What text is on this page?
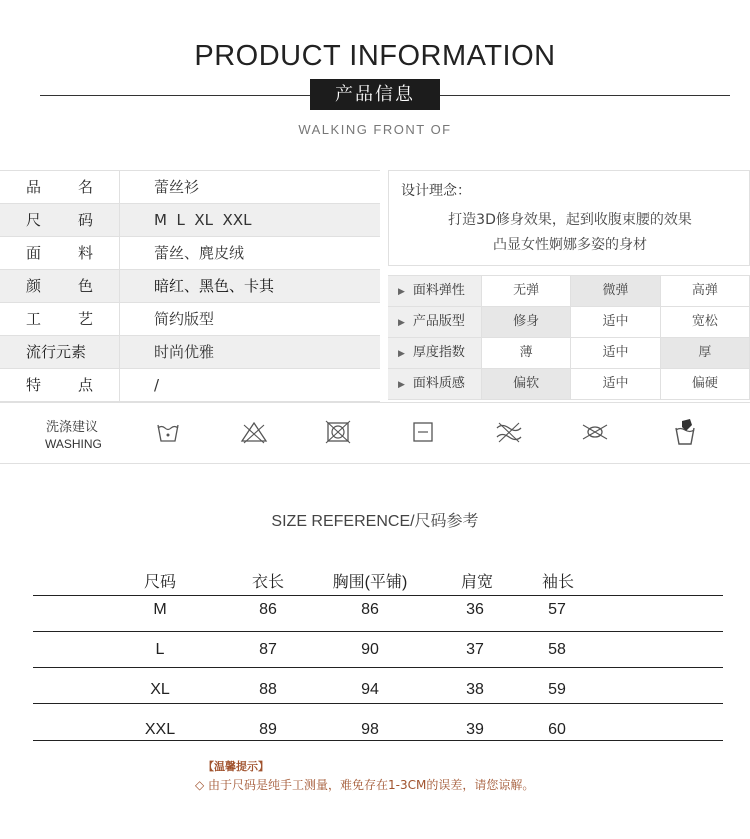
PRODUCT INFORMATION
产品信息
WALKING FRONT OF
品 名	蕾丝衫
尺 码	M  L  XL  XXL
面 料	蕾丝、麂皮绒
颜 色	暗红、黑色、卡其
工 艺	简约版型
流行元素	时尚优雅
特 点	/
设计理念：
打造3D修身效果，起到收腹束腰的效果
凸显女性婀娜多姿的身材
▶ 面料弹性	无弹	微弹	高弹
▶ 产品版型	修身	适中	宽松
▶ 厚度指数	薄	适中	厚
▶ 面料质感	偏软	适中	偏硬
洗涤建议
WASHING
SIZE REFERENCE/尺码参考
尺码	衣长	胸围(平铺)	肩宽	袖长
M	86	86	36	57
L	87	90	37	58
XL	88	94	38	59
XXL	89	98	39	60
【温馨提示】
◇ 由于尺码是纯手工测量，难免存在1-3CM的误差，请您谅解。
